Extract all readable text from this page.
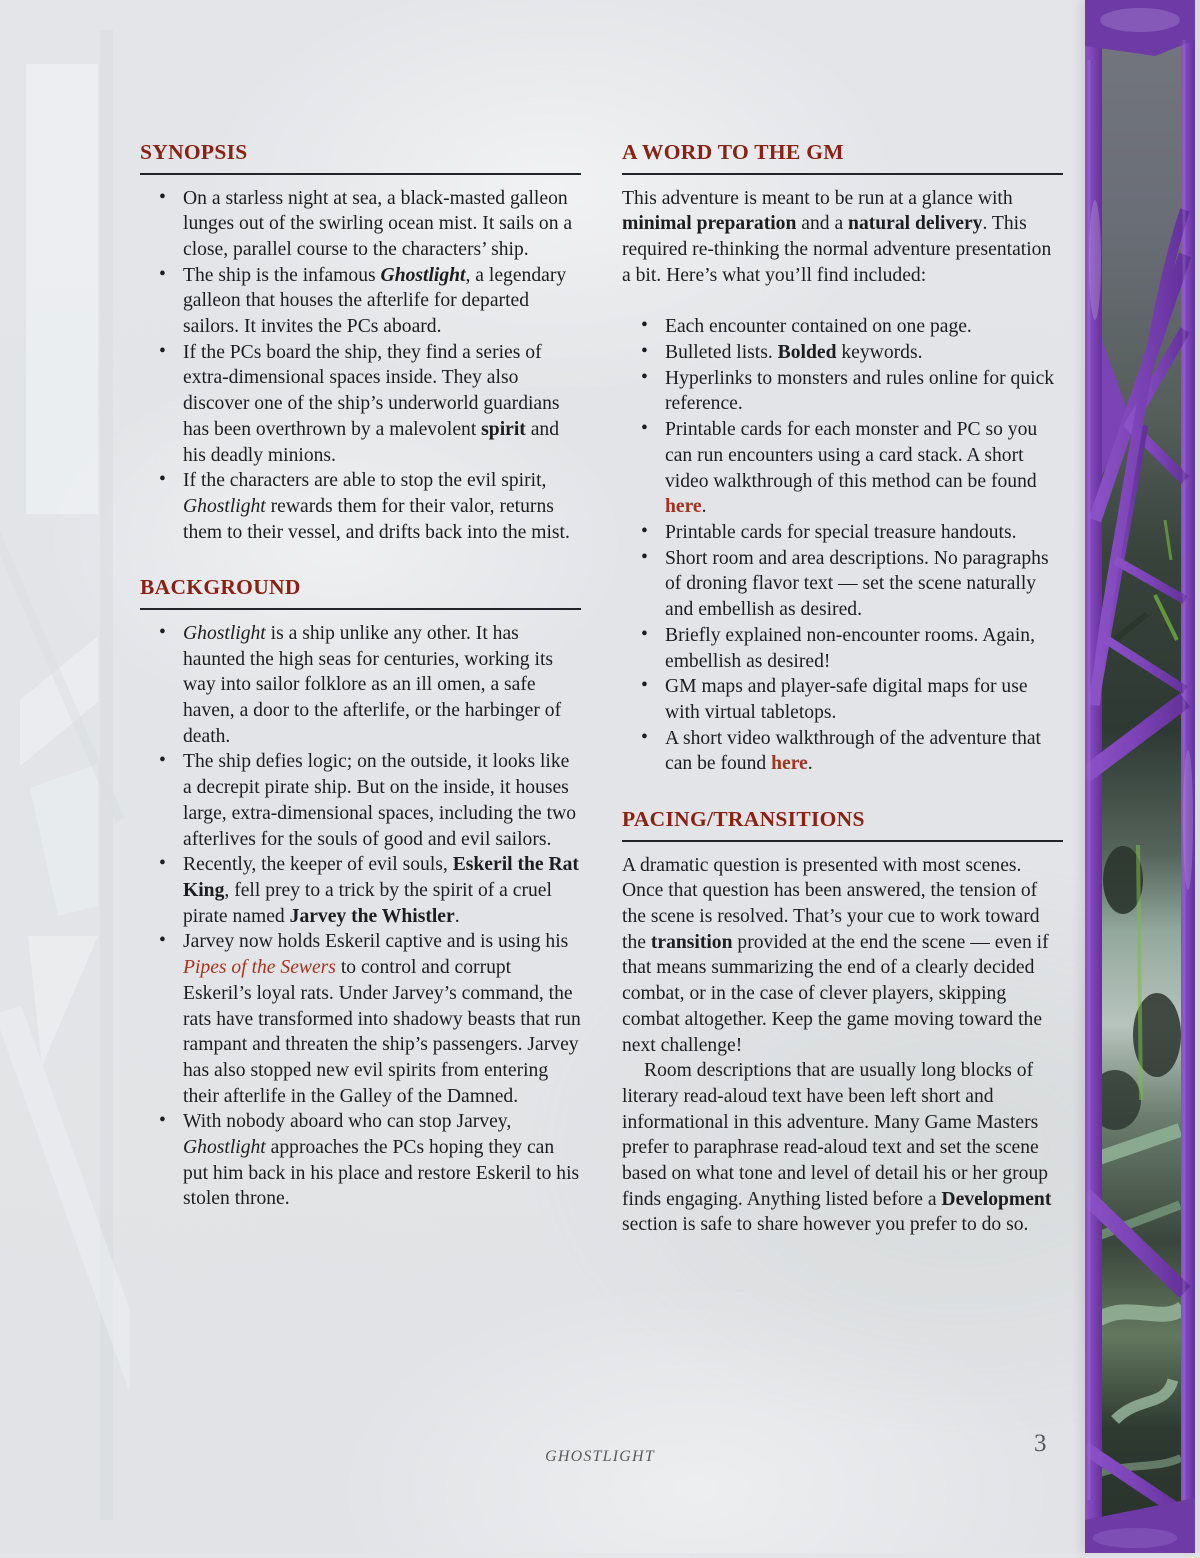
SYNOPSIS
• On a starless night at sea, a black-masted galleon lunges out of the swirling ocean mist. It sails on a close, parallel course to the characters’ ship.
• The ship is the infamous Ghostlight, a legendary galleon that houses the afterlife for departed sailors. It invites the PCs aboard.
• If the PCs board the ship, they find a series of extra-dimensional spaces inside. They also discover one of the ship’s underworld guardians has been overthrown by a malevolent spirit and his deadly minions.
• If the characters are able to stop the evil spirit, Ghostlight rewards them for their valor, returns them to their vessel, and drifts back into the mist.
BACKGROUND
• Ghostlight is a ship unlike any other. It has haunted the high seas for centuries, working its way into sailor folklore as an ill omen, a safe haven, a door to the afterlife, or the harbinger of death.
• The ship defies logic; on the outside, it looks like a decrepit pirate ship. But on the inside, it houses large, extra-dimensional spaces, including the two afterlives for the souls of good and evil sailors.
• Recently, the keeper of evil souls, Eskeril the Rat King, fell prey to a trick by the spirit of a cruel pirate named Jarvey the Whistler.
• Jarvey now holds Eskeril captive and is using his Pipes of the Sewers to control and corrupt Eskeril’s loyal rats. Under Jarvey’s command, the rats have transformed into shadowy beasts that run rampant and threaten the ship’s passengers. Jarvey has also stopped new evil spirits from entering their afterlife in the Galley of the Damned.
• With nobody aboard who can stop Jarvey, Ghostlight approaches the PCs hoping they can put him back in his place and restore Eskeril to his stolen throne.
A WORD TO THE GM

This adventure is meant to be run at a glance with minimal preparation and a natural delivery. This required re-thinking the normal adventure presentation a bit. Here’s what you’ll find included:

• Each encounter contained on one page.
• Bulleted lists. Bolded keywords.
• Hyperlinks to monsters and rules online for quick reference.
• Printable cards for each monster and PC so you can run encounters using a card stack. A short video walkthrough of this method can be found here.
• Printable cards for special treasure handouts.
• Short room and area descriptions. No paragraphs of droning flavor text — set the scene naturally and embellish as desired.
• Briefly explained non-encounter rooms. Again, embellish as desired!
• GM maps and player-safe digital maps for use with virtual tabletops.
• A short video walkthrough of the adventure that can be found here.
PACING/TRANSITIONS

A dramatic question is presented with most scenes. Once that question has been answered, the tension of the scene is resolved. That’s your cue to work toward the transition provided at the end the scene — even if that means summarizing the end of a clearly decided combat, or in the case of clever players, skipping combat altogether. Keep the game moving toward the next challenge!

Room descriptions that are usually long blocks of literary read-aloud text have been left short and informational in this adventure. Many Game Masters prefer to paraphrase read-aloud text and set the scene based on what tone and level of detail his or her group finds engaging. Anything listed before a Development section is safe to share however you prefer to do so.

GHOSTLIGHT	3
